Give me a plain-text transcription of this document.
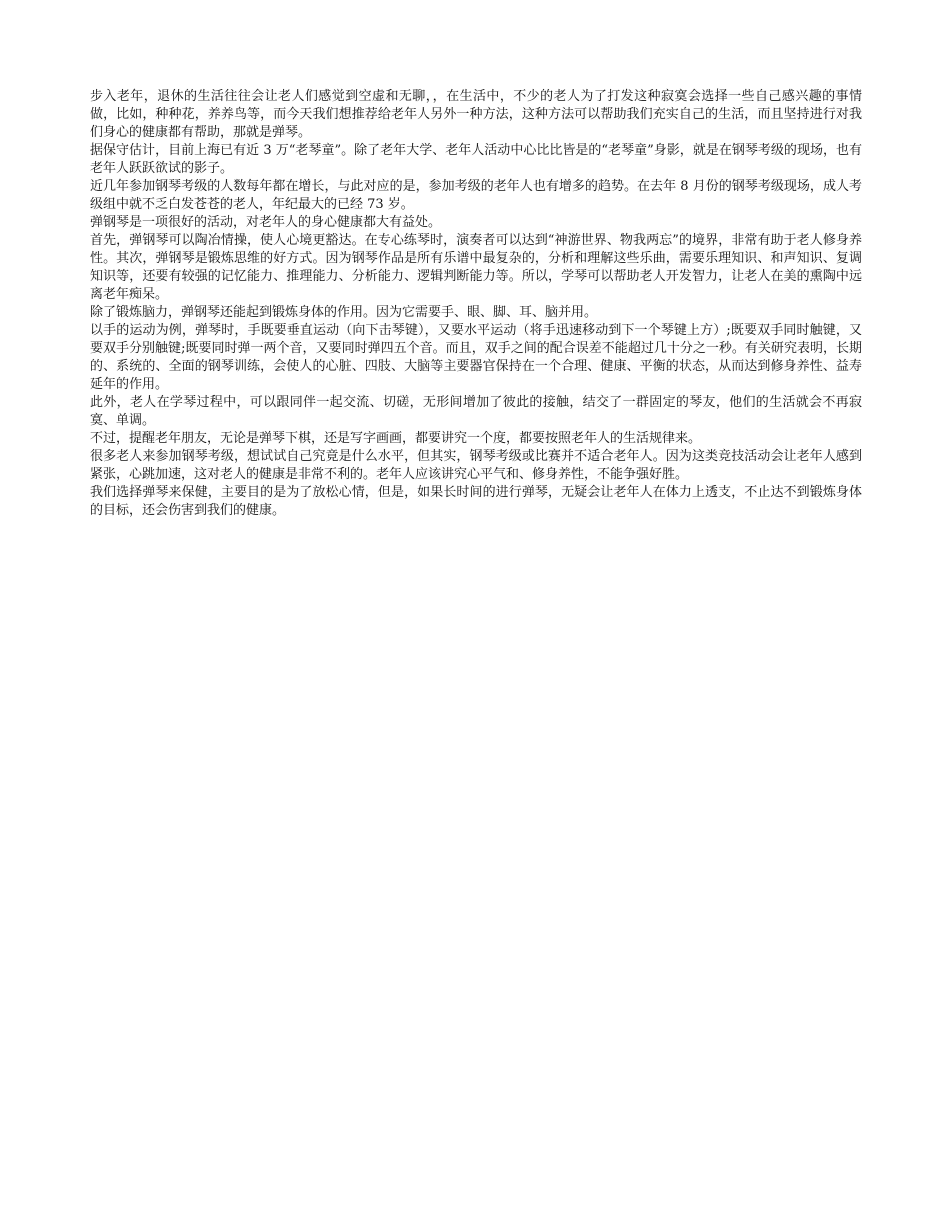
步入老年，退休的生活往往会让老人们感觉到空虚和无聊，，在生活中，不少的老人为了打发这种寂寞会选择一些自己感兴趣的事情做，比如，种种花，养养鸟等，而今天我们想推荐给老年人另外一种方法，这种方法可以帮助我们充实自己的生活，而且坚持进行对我们身心的健康都有帮助，那就是弹琴。

据保守估计，目前上海已有近 3 万“老琴童”。除了老年大学、老年人活动中心比比皆是的“老琴童”身影，就是在钢琴考级的现场，也有老年人跃跃欲试的影子。

近几年参加钢琴考级的人数每年都在增长，与此对应的是，参加考级的老年人也有增多的趋势。在去年 8 月份的钢琴考级现场，成人考级组中就不乏白发苍苍的老人，年纪最大的已经 73 岁。

弹钢琴是一项很好的活动，对老年人的身心健康都大有益处。

首先，弹钢琴可以陶冶情操，使人心境更豁达。在专心练琴时，演奏者可以达到“神游世界、物我两忘”的境界，非常有助于老人修身养性。其次，弹钢琴是锻炼思维的好方式。因为钢琴作品是所有乐谱中最复杂的，分析和理解这些乐曲，需要乐理知识、和声知识、复调知识等，还要有较强的记忆能力、推理能力、分析能力、逻辑判断能力等。所以，学琴可以帮助老人开发智力，让老人在美的熏陶中远离老年痴呆。

除了锻炼脑力，弹钢琴还能起到锻炼身体的作用。因为它需要手、眼、脚、耳、脑并用。

以手的运动为例，弹琴时，手既要垂直运动（向下击琴键），又要水平运动（将手迅速移动到下一个琴键上方）;既要双手同时触键，又要双手分别触键;既要同时弹一两个音，又要同时弹四五个音。而且，双手之间的配合误差不能超过几十分之一秒。有关研究表明，长期的、系统的、全面的钢琴训练，会使人的心脏、四肢、大脑等主要器官保持在一个合理、健康、平衡的状态，从而达到修身养性、益寿延年的作用。

此外，老人在学琴过程中，可以跟同伴一起交流、切磋，无形间增加了彼此的接触，结交了一群固定的琴友，他们的生活就会不再寂寞、单调。

不过，提醒老年朋友，无论是弹琴下棋，还是写字画画，都要讲究一个度，都要按照老年人的生活规律来。

很多老人来参加钢琴考级，想试试自己究竟是什么水平，但其实，钢琴考级或比赛并不适合老年人。因为这类竞技活动会让老年人感到紧张，心跳加速，这对老人的健康是非常不利的。老年人应该讲究心平气和、修身养性，不能争强好胜。

我们选择弹琴来保健，主要目的是为了放松心情，但是，如果长时间的进行弹琴，无疑会让老年人在体力上透支，不止达不到锻炼身体的目标，还会伤害到我们的健康。
